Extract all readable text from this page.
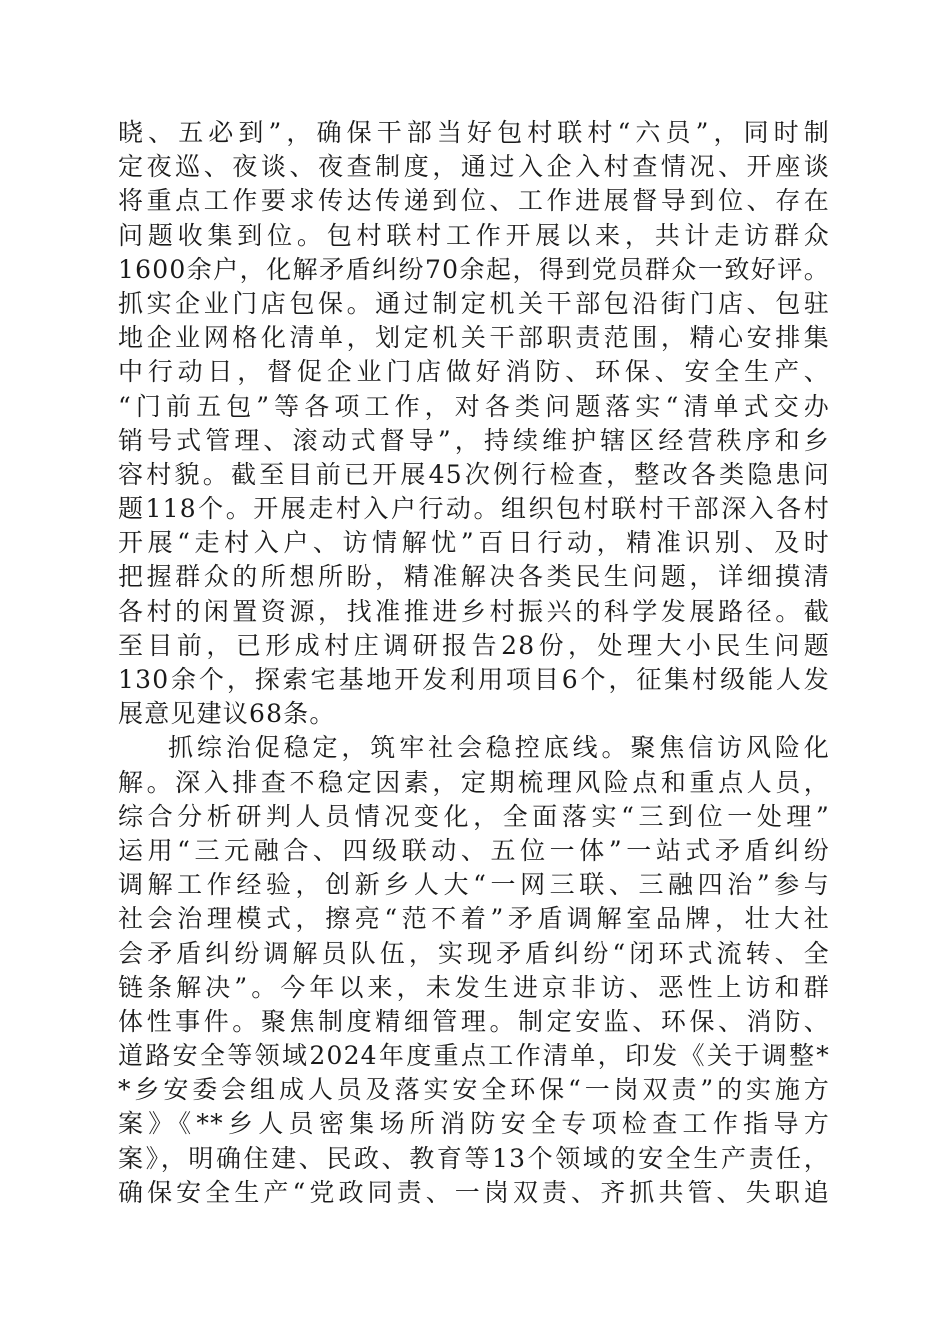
晓、五必到”，确保干部当好包村联村“六员”，同时制
定夜巡、夜谈、夜查制度，通过入企入村查情况、开座谈
将重点工作要求传达传递到位、工作进展督导到位、存在
问题收集到位。包村联村工作开展以来，共计走访群众
1600余户，化解矛盾纠纷70余起，得到党员群众一致好评。
抓实企业门店包保。通过制定机关干部包沿街门店、包驻
地企业网格化清单，划定机关干部职责范围，精心安排集
中行动日，督促企业门店做好消防、环保、安全生产、
“门前五包”等各项工作，对各类问题落实“清单式交办
销号式管理、滚动式督导”，持续维护辖区经营秩序和乡
容村貌。截至目前已开展45次例行检查，整改各类隐患问
题118个。开展走村入户行动。组织包村联村干部深入各村
开展“走村入户、访情解忧”百日行动，精准识别、及时
把握群众的所想所盼，精准解决各类民生问题，详细摸清
各村的闲置资源，找准推进乡村振兴的科学发展路径。截
至目前，已形成村庄调研报告28份，处理大小民生问题
130余个，探索宅基地开发利用项目6个，征集村级能人发
展意见建议68条。
抓综治促稳定，筑牢社会稳控底线。聚焦信访风险化
解。深入排查不稳定因素，定期梳理风险点和重点人员，
综合分析研判人员情况变化，全面落实“三到位一处理”
运用“三元融合、四级联动、五位一体”一站式矛盾纠纷
调解工作经验，创新乡人大“一网三联、三融四治”参与
社会治理模式，擦亮“范不着”矛盾调解室品牌，壮大社
会矛盾纠纷调解员队伍，实现矛盾纠纷“闭环式流转、全
链条解决”。今年以来，未发生进京非访、恶性上访和群
体性事件。聚焦制度精细管理。制定安监、环保、消防、
道路安全等领域2024年度重点工作清单，印发《关于调整*
*乡安委会组成人员及落实安全环保“一岗双责”的实施方
案》《**乡人员密集场所消防安全专项检查工作指导方
案》，明确住建、民政、教育等13个领域的安全生产责任，
确保安全生产“党政同责、一岗双责、齐抓共管、失职追
